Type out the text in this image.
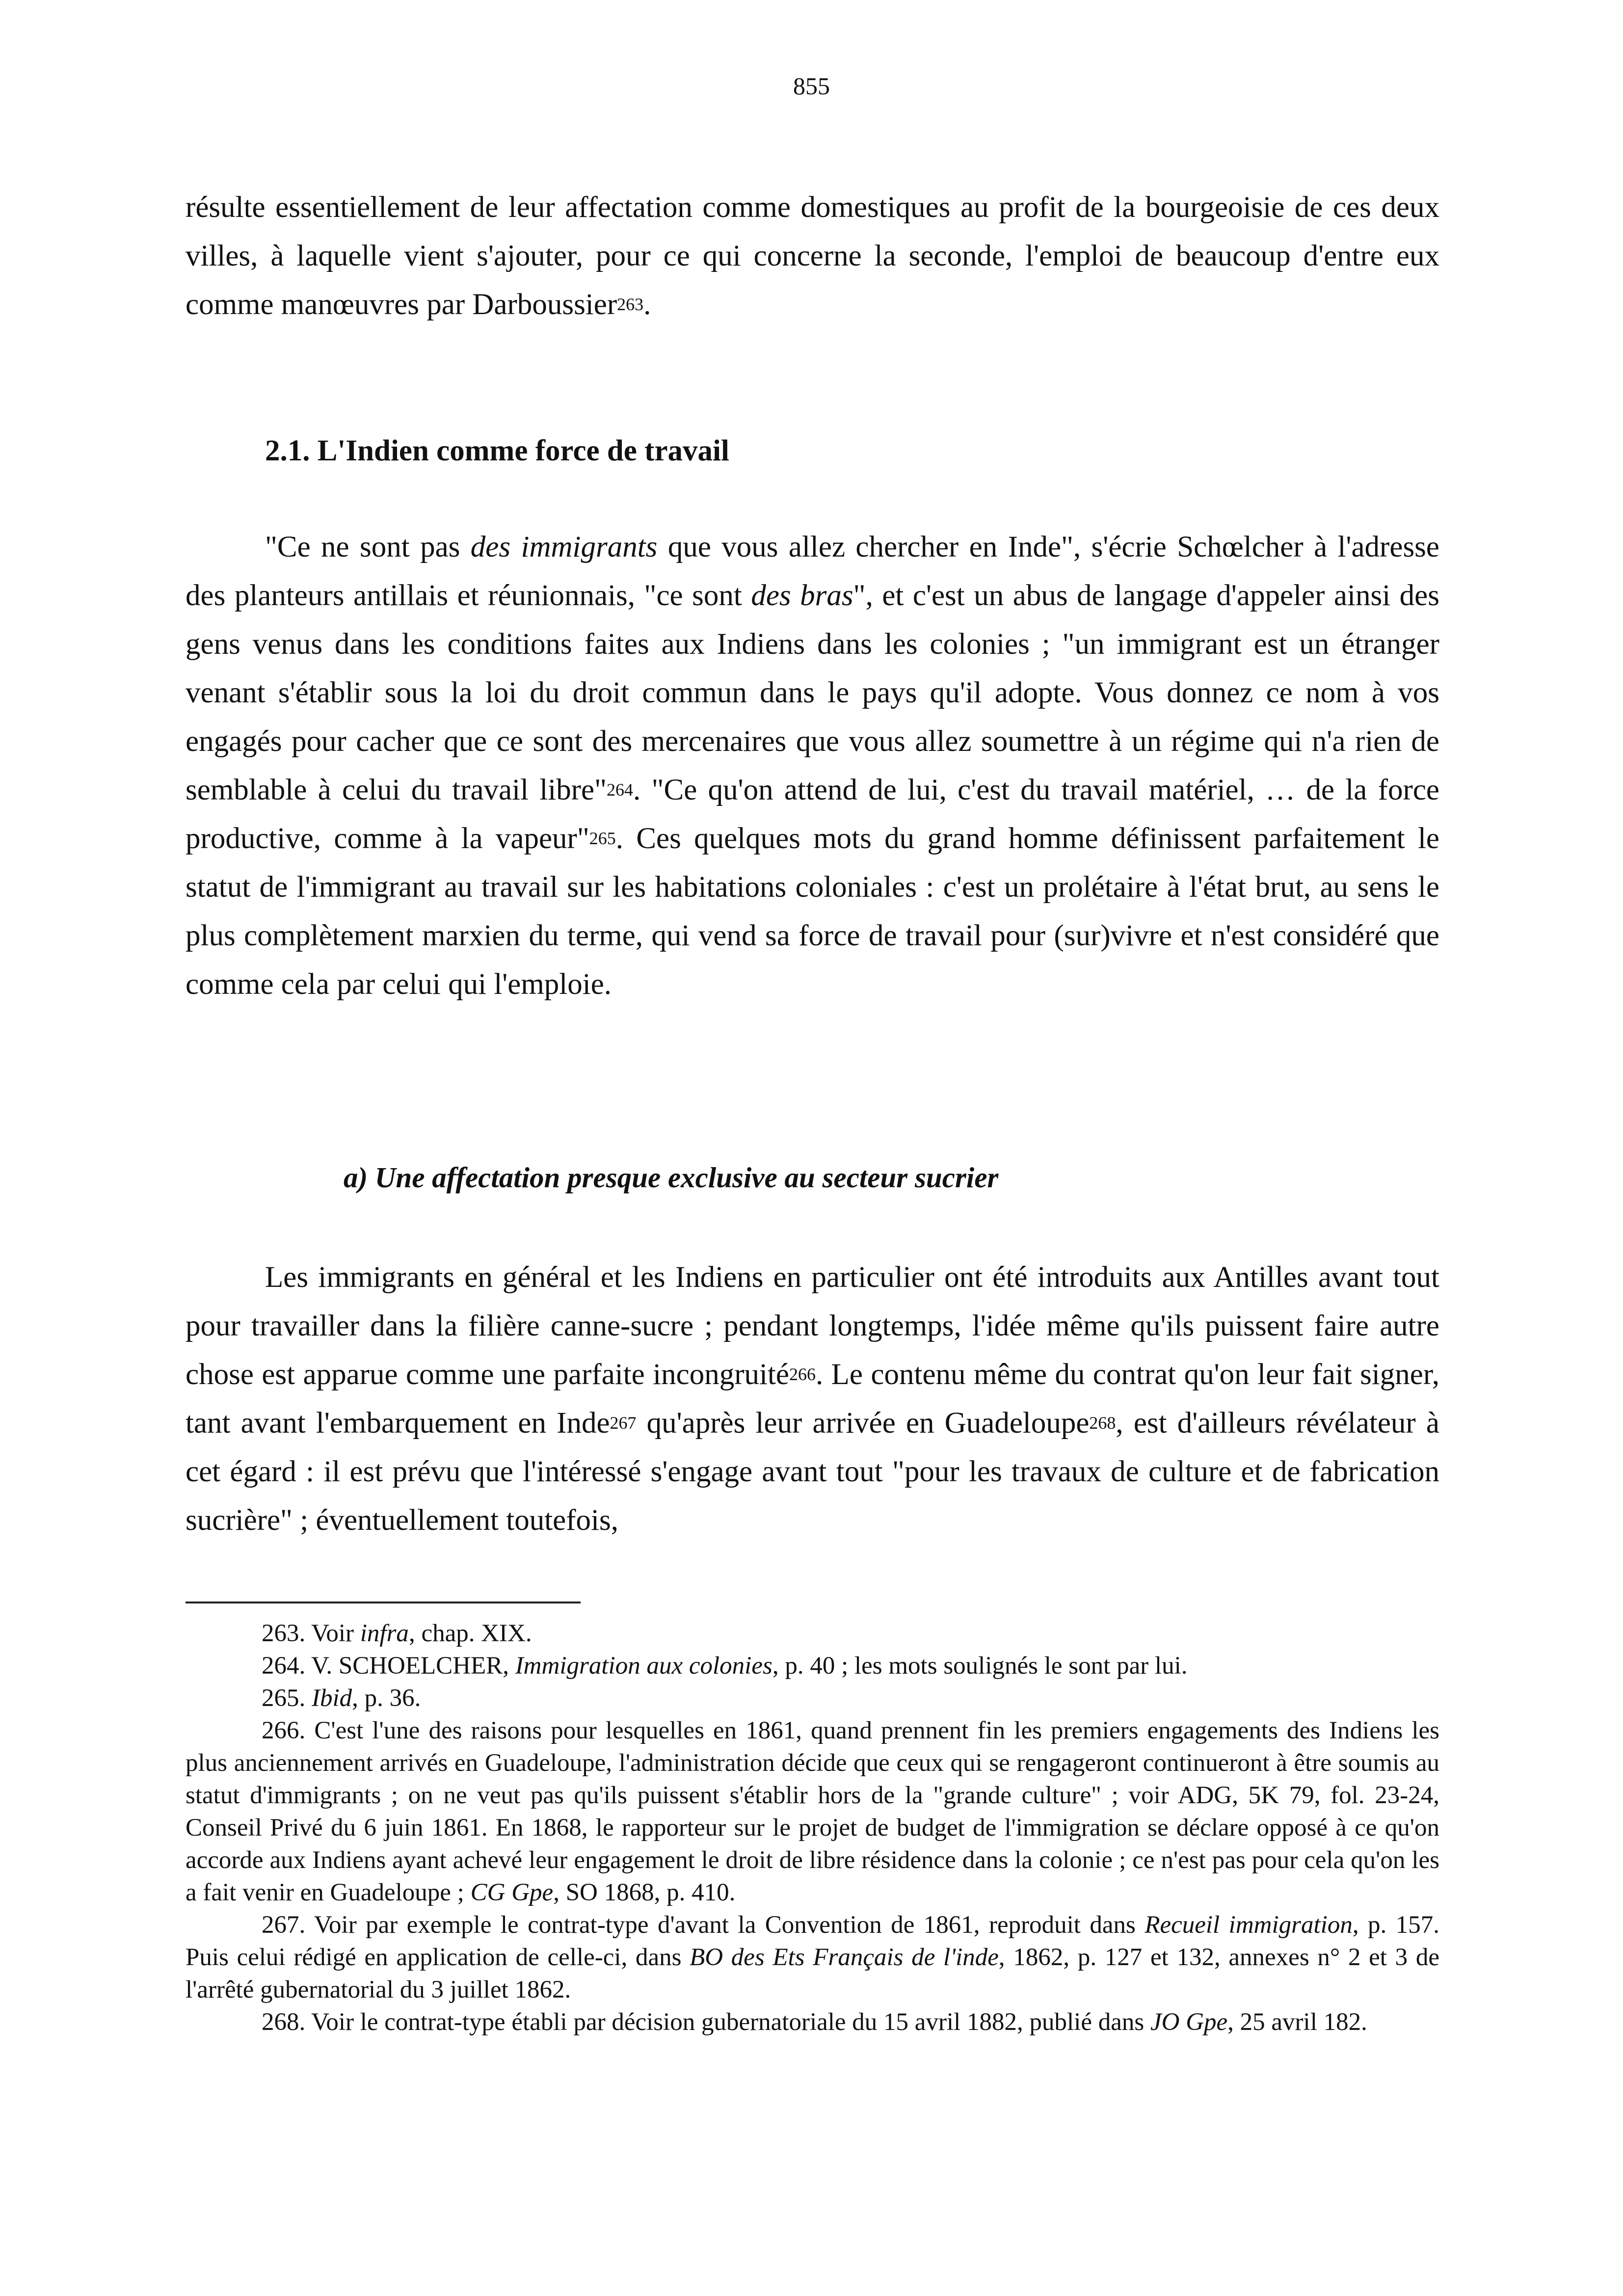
855

résulte essentiellement de leur affectation comme domestiques au profit de la bourgeoisie de ces deux villes, à laquelle vient s'ajouter, pour ce qui concerne la seconde, l'emploi de beaucoup d'entre eux comme manœuvres par Darboussier$^{263}$.

2.1. L'Indien comme force de travail

"Ce ne sont pas des immigrants que vous allez chercher en Inde", s'écrie Schœlcher à l'adresse des planteurs antillais et réunionnais, "ce sont des bras", et c'est un abus de langage d'appeler ainsi des gens venus dans les conditions faites aux Indiens dans les colonies ; "un immigrant est un étranger venant s'établir sous la loi du droit commun dans le pays qu'il adopte. Vous donnez ce nom à vos engagés pour cacher que ce sont des mercenaires que vous allez soumettre à un régime qui n'a rien de semblable à celui du travail libre"$^{264}$. "Ce qu'on attend de lui, c'est du travail matériel, … de la force productive, comme à la vapeur"$^{265}$. Ces quelques mots du grand homme définissent parfaitement le statut de l'immigrant au travail sur les habitations coloniales : c'est un prolétaire à l'état brut, au sens le plus complètement marxien du terme, qui vend sa force de travail pour (sur)vivre et n'est considéré que comme cela par celui qui l'emploie.

a) Une affectation presque exclusive au secteur sucrier

Les immigrants en général et les Indiens en particulier ont été introduits aux Antilles avant tout pour travailler dans la filière canne-sucre ; pendant longtemps, l'idée même qu'ils puissent faire autre chose est apparue comme une parfaite incongruité$^{266}$. Le contenu même du contrat qu'on leur fait signer, tant avant l'embarquement en Inde$^{267}$ qu'après leur arrivée en Guadeloupe$^{268}$, est d'ailleurs révélateur à cet égard : il est prévu que l'intéressé s'engage avant tout "pour les travaux de culture et de fabrication sucrière" ; éventuellement toutefois,

263. Voir infra, chap. XIX.

264. V. SCHOELCHER, Immigration aux colonies, p. 40 ; les mots soulignés le sont par lui.

265. Ibid, p. 36.

266. C'est l'une des raisons pour lesquelles en 1861, quand prennent fin les premiers engagements des Indiens les plus anciennement arrivés en Guadeloupe, l'administration décide que ceux qui se rengageront continueront à être soumis au statut d'immigrants ; on ne veut pas qu'ils puissent s'établir hors de la "grande culture" ; voir ADG, 5K 79, fol. 23-24, Conseil Privé du 6 juin 1861. En 1868, le rapporteur sur le projet de budget de l'immigration se déclare opposé à ce qu'on accorde aux Indiens ayant achevé leur engagement le droit de libre résidence dans la colonie ; ce n'est pas pour cela qu'on les a fait venir en Guadeloupe ; CG Gpe, SO 1868, p. 410.

267. Voir par exemple le contrat-type d'avant la Convention de 1861, reproduit dans Recueil immigration, p. 157. Puis celui rédigé en application de celle-ci, dans BO des Ets Français de l'inde, 1862, p. 127 et 132, annexes n° 2 et 3 de l'arrêté gubernatorial du 3 juillet 1862.

268. Voir le contrat-type établi par décision gubernatoriale du 15 avril 1882, publié dans JO Gpe, 25 avril 182.
